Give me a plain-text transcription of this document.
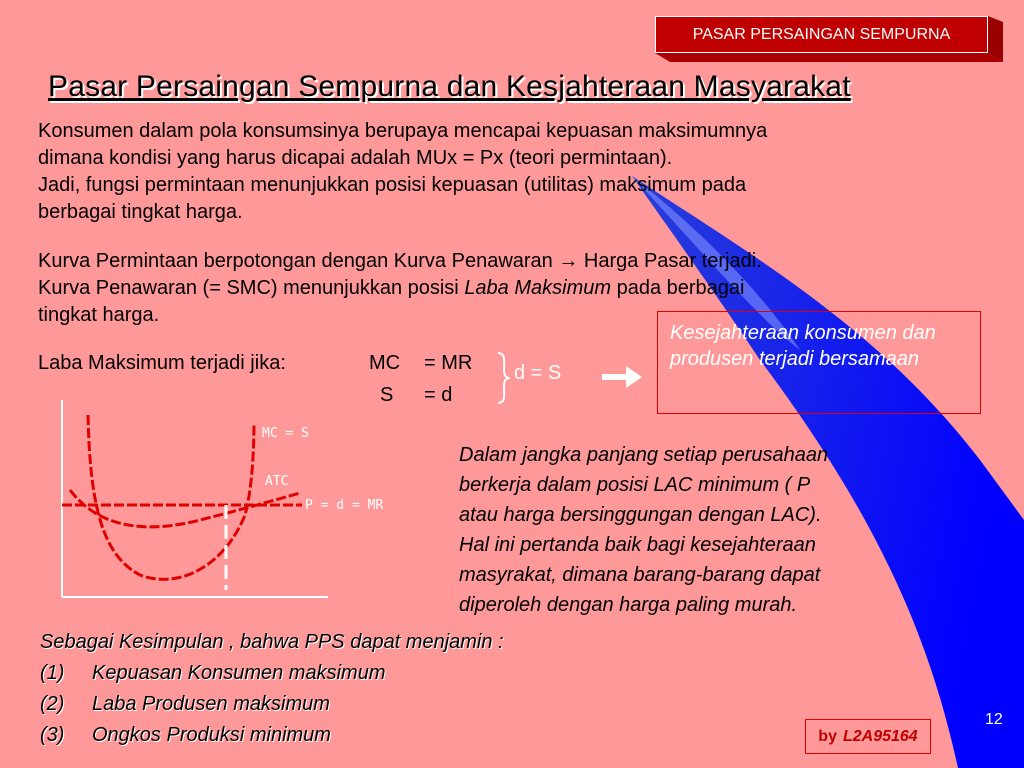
PASAR PERSAINGAN SEMPURNA
Pasar Persaingan Sempurna dan Kesjahteraan Masyarakat
Konsumen dalam pola konsumsinya berupaya mencapai kepuasan maksimumnya
dimana kondisi yang harus dicapai adalah MUx = Px (teori permintaan).
Jadi, fungsi permintaan menunjukkan posisi kepuasan (utilitas) maksimum pada
berbagai tingkat harga.
Kurva Permintaan berpotongan dengan Kurva Penawaran → Harga Pasar terjadi.
Kurva Penawaran (= SMC) menunjukkan posisi Laba Maksimum pada berbagai
tingkat harga.
Laba Maksimum terjadi jika:	MC = MR
S = d
d = S
Kesejahteraan konsumen dan produsen terjadi bersamaan
MC = S
ATC
P = d = MR
Dalam jangka panjang setiap perusahaan
berkerja dalam posisi LAC minimum ( P
atau harga bersinggungan dengan LAC).
Hal ini pertanda baik bagi kesejahteraan
masyrakat, dimana barang-barang dapat
diperoleh dengan harga paling murah.
Sebagai Kesimpulan , bahwa PPS dapat menjamin :
(1)	Kepuasan Konsumen maksimum
(2)	Laba Produsen maksimum
(3)	Ongkos Produksi minimum
12
by L2A95164
